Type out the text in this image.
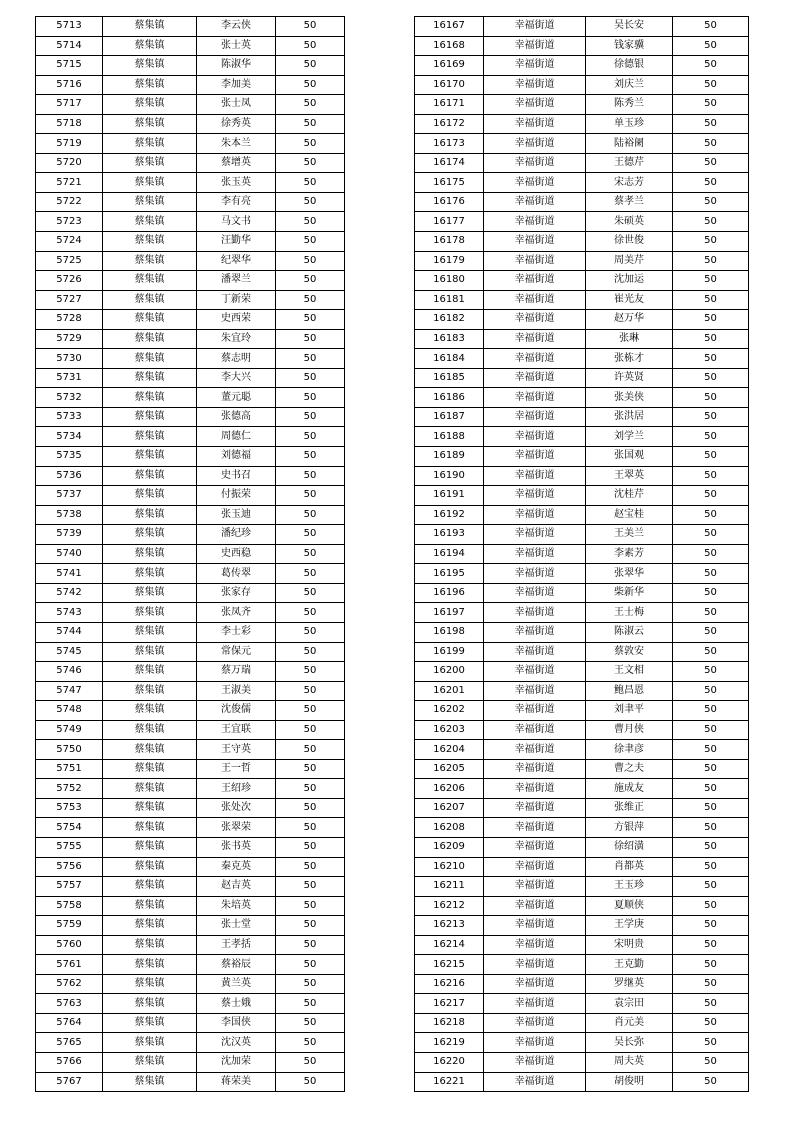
5713	蔡集镇	李云侠	50
5714	蔡集镇	张士英	50
5715	蔡集镇	陈淑华	50
5716	蔡集镇	李加美	50
5717	蔡集镇	张士凤	50
5718	蔡集镇	徐秀英	50
5719	蔡集镇	朱本兰	50
5720	蔡集镇	蔡增英	50
5721	蔡集镇	张玉英	50
5722	蔡集镇	李有亮	50
5723	蔡集镇	马文书	50
5724	蔡集镇	汪勤华	50
5725	蔡集镇	纪翠华	50
5726	蔡集镇	潘翠兰	50
5727	蔡集镇	丁新荣	50
5728	蔡集镇	史西荣	50
5729	蔡集镇	朱宜玲	50
5730	蔡集镇	蔡志明	50
5731	蔡集镇	李大兴	50
5732	蔡集镇	董元聪	50
5733	蔡集镇	张德高	50
5734	蔡集镇	周德仁	50
5735	蔡集镇	刘德福	50
5736	蔡集镇	史书召	50
5737	蔡集镇	付振荣	50
5738	蔡集镇	张玉迪	50
5739	蔡集镇	潘纪珍	50
5740	蔡集镇	史西稳	50
5741	蔡集镇	葛传翠	50
5742	蔡集镇	张家存	50
5743	蔡集镇	张凤齐	50
5744	蔡集镇	李士彩	50
5745	蔡集镇	常保元	50
5746	蔡集镇	蔡万瑞	50
5747	蔡集镇	王淑美	50
5748	蔡集镇	沈俊儒	50
5749	蔡集镇	王宜联	50
5750	蔡集镇	王守英	50
5751	蔡集镇	王一哲	50
5752	蔡集镇	王绍珍	50
5753	蔡集镇	张处次	50
5754	蔡集镇	张翠荣	50
5755	蔡集镇	张书英	50
5756	蔡集镇	秦克英	50
5757	蔡集镇	赵吉英	50
5758	蔡集镇	朱培英	50
5759	蔡集镇	张士堂	50
5760	蔡集镇	王孝括	50
5761	蔡集镇	蔡裕辰	50
5762	蔡集镇	黄兰英	50
5763	蔡集镇	蔡士娥	50
5764	蔡集镇	李国侠	50
5765	蔡集镇	沈汉英	50
5766	蔡集镇	沈加荣	50
5767	蔡集镇	蒋荣美	50
16167	幸福街道	吴长安	50
16168	幸福街道	钱家骥	50
16169	幸福街道	徐德银	50
16170	幸福街道	刘庆兰	50
16171	幸福街道	陈秀兰	50
16172	幸福街道	单玉珍	50
16173	幸福街道	陆裕阑	50
16174	幸福街道	王德芹	50
16175	幸福街道	宋志芳	50
16176	幸福街道	蔡孝兰	50
16177	幸福街道	朱硕英	50
16178	幸福街道	徐世俊	50
16179	幸福街道	周美芹	50
16180	幸福街道	沈加运	50
16181	幸福街道	崔光友	50
16182	幸福街道	赵万华	50
16183	幸福街道	张琳	50
16184	幸福街道	张栋才	50
16185	幸福街道	许英贤	50
16186	幸福街道	张美侠	50
16187	幸福街道	张洪居	50
16188	幸福街道	刘学兰	50
16189	幸福街道	张国观	50
16190	幸福街道	王翠英	50
16191	幸福街道	沈桂芹	50
16192	幸福街道	赵宝桂	50
16193	幸福街道	王美兰	50
16194	幸福街道	李素芳	50
16195	幸福街道	张翠华	50
16196	幸福街道	柴新华	50
16197	幸福街道	王士梅	50
16198	幸福街道	陈淑云	50
16199	幸福街道	蔡敦安	50
16200	幸福街道	王文相	50
16201	幸福街道	鲍昌恩	50
16202	幸福街道	刘聿平	50
16203	幸福街道	曹月侠	50
16204	幸福街道	徐聿彦	50
16205	幸福街道	曹之夫	50
16206	幸福街道	施成友	50
16207	幸福街道	张维正	50
16208	幸福街道	方银萍	50
16209	幸福街道	徐绍潢	50
16210	幸福街道	肖都英	50
16211	幸福街道	王玉珍	50
16212	幸福街道	夏顺侠	50
16213	幸福街道	王学庚	50
16214	幸福街道	宋明贵	50
16215	幸福街道	王克勤	50
16216	幸福街道	罗继英	50
16217	幸福街道	袁宗田	50
16218	幸福街道	肖元美	50
16219	幸福街道	吴长弥	50
16220	幸福街道	周夫英	50
16221	幸福街道	胡俊明	50
